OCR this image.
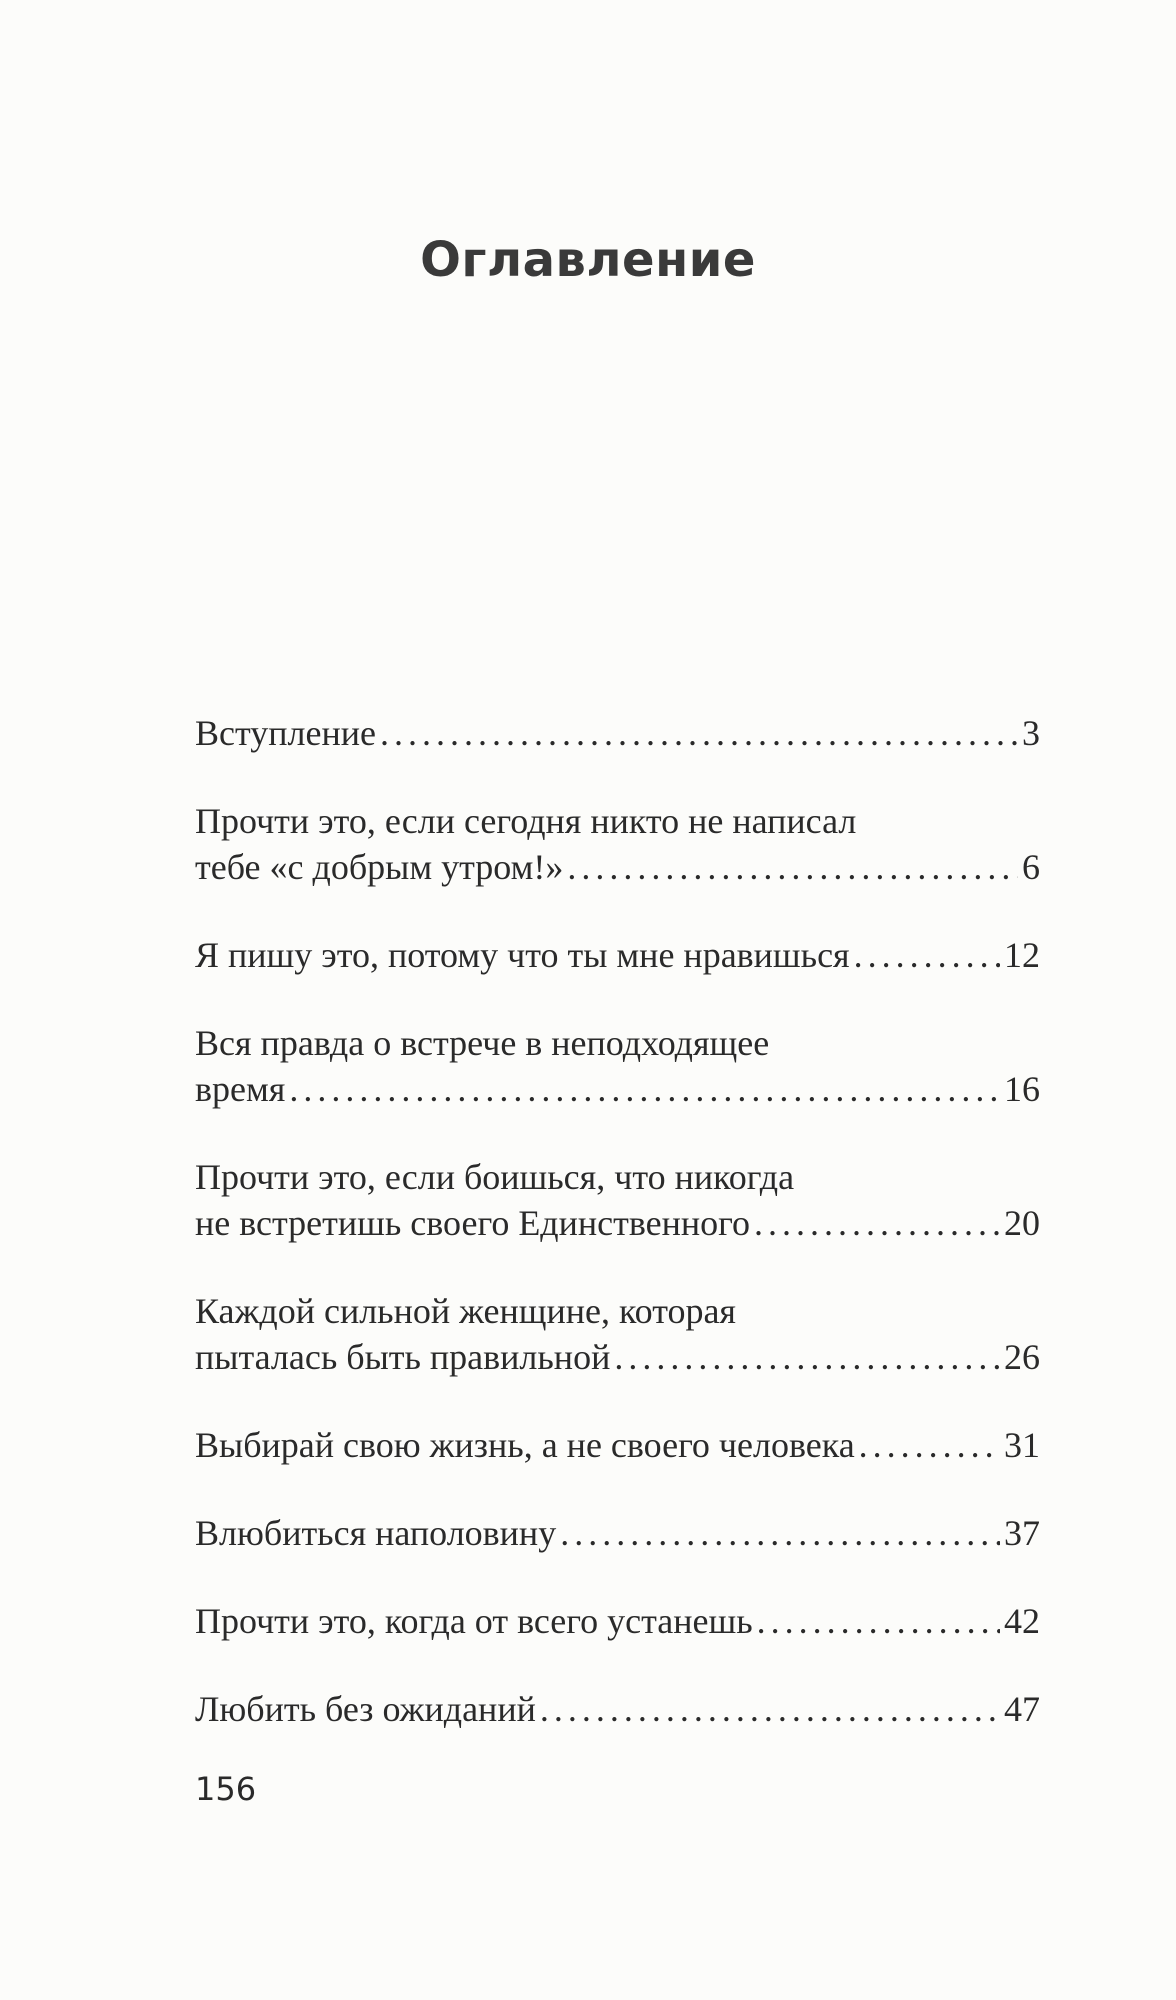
Оглавление
Вступление . . .	3
Прочти это, если сегодня никто не написал
тебе «с добрым утром!» . . .	6
Я пишу это, потому что ты мне нравишься . . .	12
Вся правда о встрече в неподходящее
время . . .	16
Прочти это, если боишься, что никогда
не встретишь своего Единственного . . .	20
Каждой сильной женщине, которая
пыталась быть правильной . . .	26
Выбирай свою жизнь, а не своего человека . . .	31
Влюбиться наполовину . . .	37
Прочти это, когда от всего устанешь . . .	42
Любить без ожиданий . . .	47
156
